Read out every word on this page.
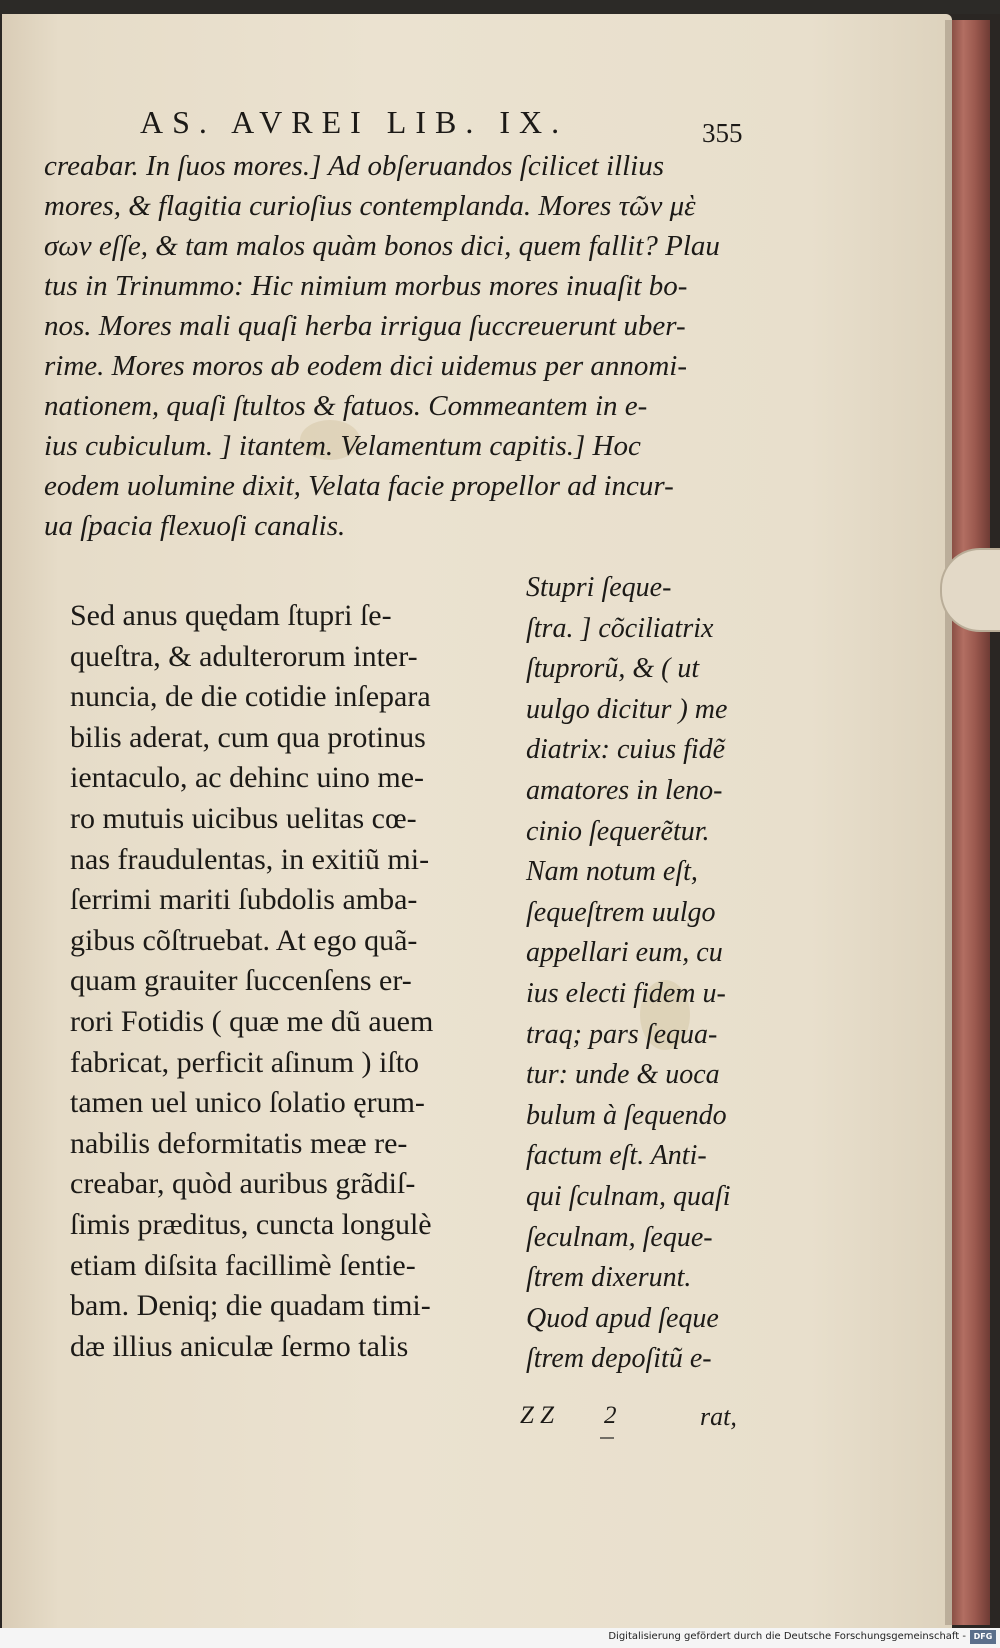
AS. AVREI LIB. IX.	355
creabar. In ſuos mores.] Ad obſeruandos ſcilicet illius
mores, & flagitia curioſius contemplanda. Mores τῶν μὲ
σων eſſe, & tam malos quàm bonos dici, quem fallit? Plau
tus in Trinummo: Hic nimium morbus mores inuaſit bo-
nos. Mores mali quaſi herba irrigua ſuccreuerunt uber-
rime. Mores moros ab eodem dici uidemus per annomi-
nationem, quaſi ſtultos & fatuos. Commeantem in e-
ius cubiculum. ] itantem. Velamentum capitis.] Hoc
eodem uolumine dixit, Velata facie propellor ad incur-
ua ſpacia flexuoſi canalis.
Sed anus quędam ſtupri ſe-
queſtra, & adulterorum inter-
nuncia, de die cotidie inſepara
bilis aderat, cum qua protinus
ientaculo, ac dehinc uino me-
ro mutuis uicibus uelitas cœ-
nas fraudulentas, in exitiũ mi-
ſerrimi mariti ſubdolis amba-
gibus cõſtruebat. At ego quã-
quam grauiter ſuccenſens er-
rori Fotidis ( quæ me dũ auem
fabricat, perficit aſinum ) iſto
tamen uel unico ſolatio ęrum-
nabilis deformitatis meæ re-
creabar, quòd auribus grãdiſ-
ſimis præditus, cuncta longulè
etiam diſsita facillimè ſentie-
bam. Deniq; die quadam timi-
dæ illius aniculæ ſermo talis
Stupri ſeque-
ſtra. ] cõciliatrix
ſtuprorũ, & ( ut
uulgo dicitur ) me
diatrix: cuius fidẽ
amatores in leno-
cinio ſequerẽtur.
Nam notum eſt,
ſequeſtrem uulgo
appellari eum, cu
ius electi fidem u-
traq; pars ſequa-
tur: unde & uoca
bulum à ſequendo
factum eſt. Anti-
qui ſculnam, quaſi
ſeculnam, ſeque-
ſtrem dixerunt.
Quod apud ſeque
ſtrem depoſitũ e-
Z Z 2	rat,
Digitalisierung gefördert durch die Deutsche Forschungsgemeinschaft - DFG
